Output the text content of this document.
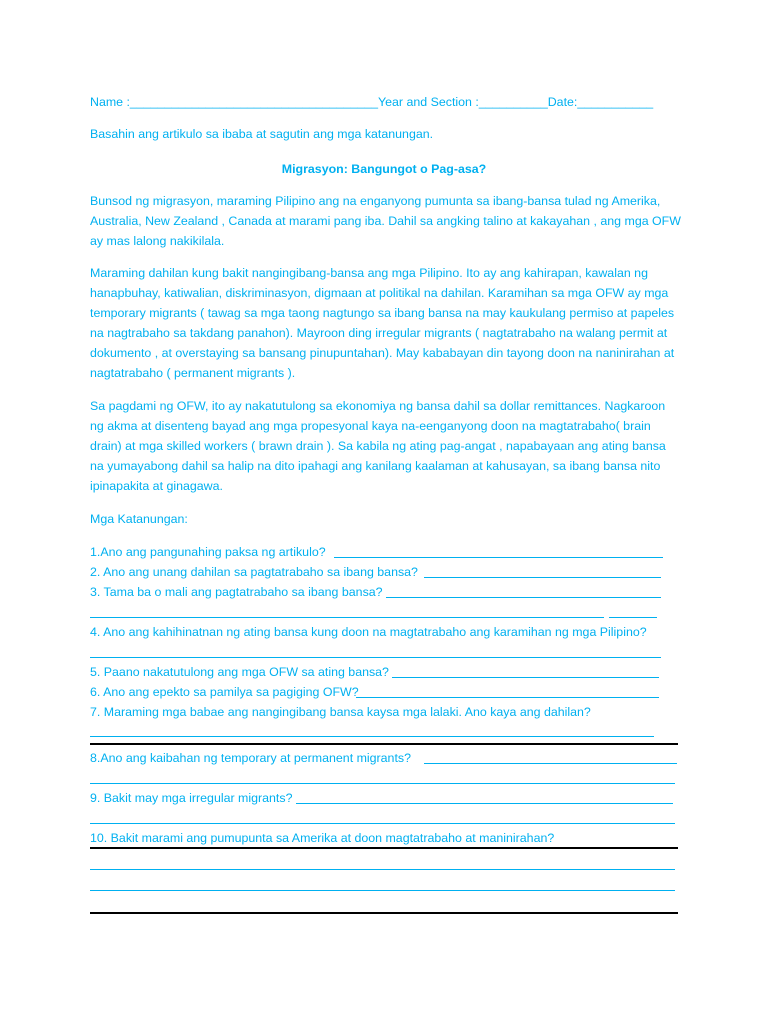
Name :____________________________________Year and Section :__________Date:___________
Basahin ang artikulo sa ibaba at sagutin ang mga katanungan.
Migrasyon: Bangungot o Pag-asa?
Bunsod ng migrasyon, maraming Pilipino ang na enganyong pumunta sa ibang-bansa tulad ng Amerika, Australia, New Zealand , Canada at marami pang iba. Dahil sa angking talino at kakayahan , ang mga OFW ay mas lalong nakikilala.
Maraming dahilan kung bakit nangingibang-bansa ang mga Pilipino. Ito ay ang kahirapan, kawalan ng hanapbuhay, katiwalian, diskriminasyon, digmaan at politikal na dahilan. Karamihan sa mga OFW ay mga temporary migrants ( tawag sa mga taong nagtungo sa ibang bansa na may kaukulang permiso at papeles na nagtrabaho sa takdang panahon). Mayroon ding irregular migrants ( nagtatrabaho na walang permit at dokumento , at overstaying sa bansang pinupuntahan). May kababayan din tayong doon na naninirahan at nagtatrabaho ( permanent migrants ).
Sa pagdami ng OFW, ito ay nakatutulong sa ekonomiya ng bansa dahil sa dollar remittances. Nagkaroon ng akma at disenteng bayad ang mga propesyonal kaya na-eenganyong doon na magtatrabaho( brain drain) at mga skilled workers ( brawn drain ). Sa kabila ng ating pag-angat , napabayaan ang ating bansa na yumayabong dahil sa halip na dito ipahagi ang kanilang kaalaman at kahusayan, sa ibang bansa nito ipinapakita at ginagawa.
Mga Katanungan:
1.Ano ang pangunahing paksa ng artikulo?
2. Ano ang unang dahilan sa pagtatrabaho sa ibang bansa?
3. Tama ba o mali ang pagtatrabaho sa ibang bansa?
4. Ano ang kahihinatnan ng ating bansa kung doon na magtatrabaho ang karamihan ng mga Pilipino?
5. Paano nakatutulong ang mga OFW sa ating bansa?
6. Ano ang epekto sa pamilya sa pagiging OFW?
7. Maraming mga babae ang nangingibang bansa kaysa mga lalaki. Ano kaya ang dahilan?
8.Ano ang kaibahan ng temporary at permanent migrants?
9. Bakit may mga irregular migrants?
10. Bakit marami ang pumupunta sa Amerika at doon magtatrabaho at maninirahan?
